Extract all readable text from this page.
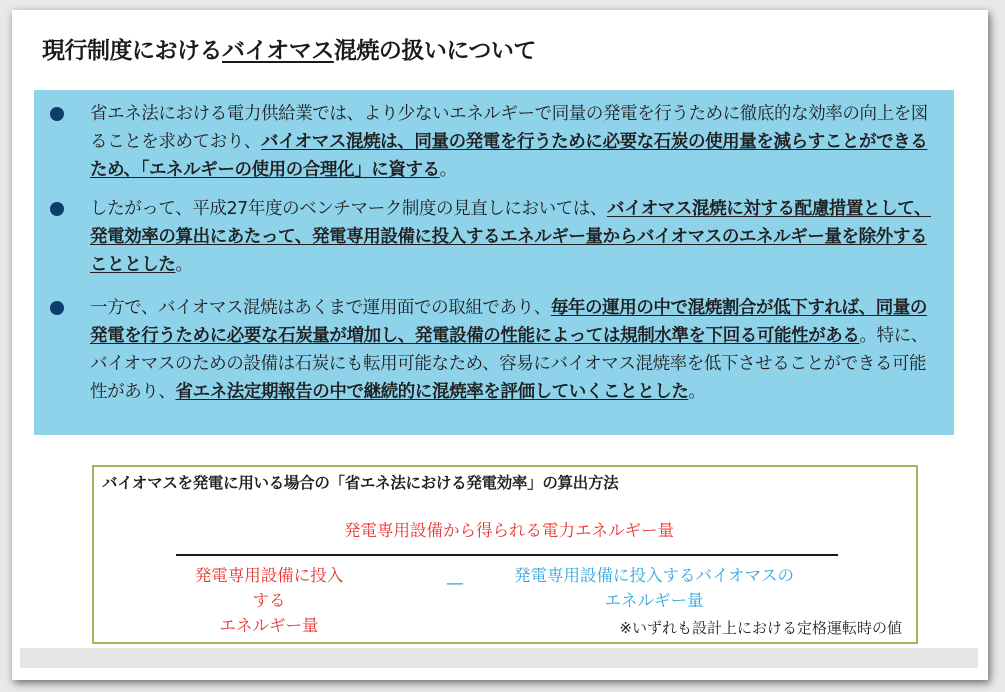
現行制度におけるバイオマス混焼の扱いについて
省エネ法における電力供給業では、より少ないエネルギーで同量の発電を行うために徹底的な効率の向上を図ることを求めており、バイオマス混焼は、同量の発電を行うために必要な石炭の使用量を減らすことができるため、「エネルギーの使用の合理化」に資する。
したがって、平成27年度のベンチマーク制度の見直しにおいては、バイオマス混焼に対する配慮措置として、発電効率の算出にあたって、発電専用設備に投入するエネルギー量からバイオマスのエネルギー量を除外することとした。
一方で、バイオマス混焼はあくまで運用面での取組であり、毎年の運用の中で混焼割合が低下すれば、同量の発電を行うために必要な石炭量が増加し、発電設備の性能によっては規制水準を下回る可能性がある。特に、バイオマスのための設備は石炭にも転用可能なため、容易にバイオマス混焼率を低下させることができる可能性があり、省エネ法定期報告の中で継続的に混焼率を評価していくこととした。
バイオマスを発電に用いる場合の「省エネ法における発電効率」の算出方法
発電専用設備から得られる電力エネルギー量
発電専用設備に投入する
エネルギー量
—	発電専用設備に投入するバイオマスの
エネルギー量
※いずれも設計上における定格運転時の値
